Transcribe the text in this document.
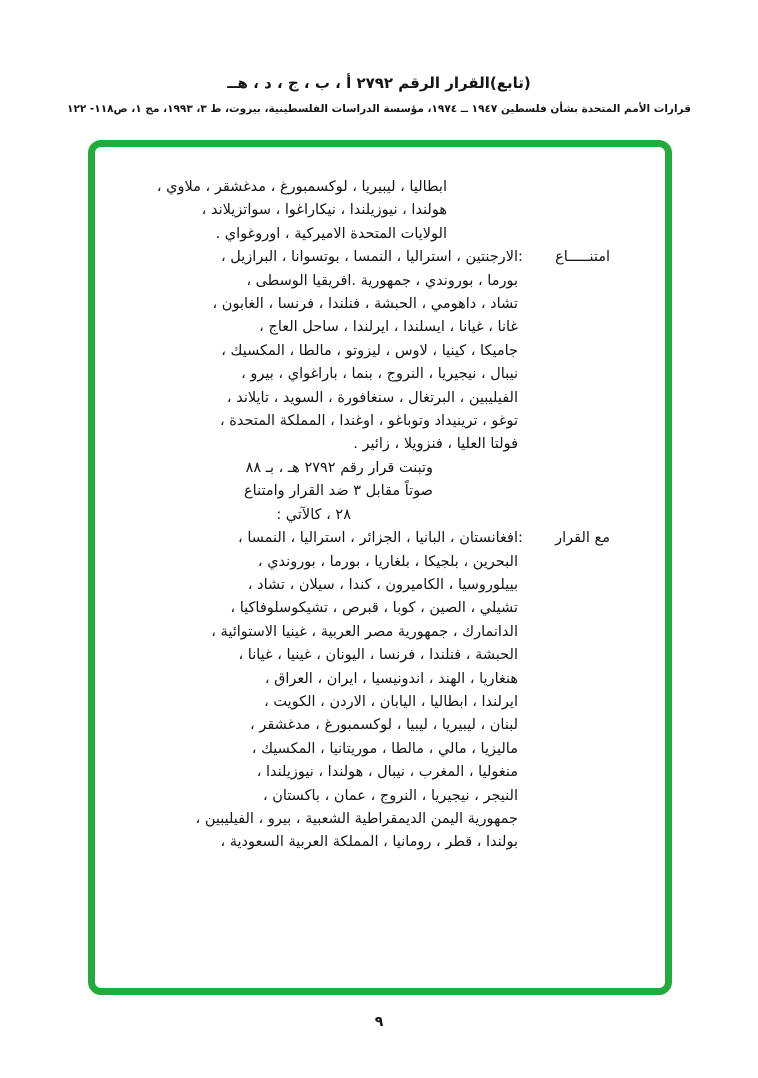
(تابع)القرار الرقم ٢٧٩٢ أ ، ب ، ج ، د ، هــ
قرارات الأمم المتحدة بشأن فلسطين ١٩٤٧ ــ ١٩٧٤، مؤسسة الدراسات الفلسطينية، بيروت، ط ٣، ١٩٩٣، مج ١، ص١١٨- ١٢٢
ابطاليا ، ليبيريا ، لوكسمبورغ ، مدغشقر ، ملاوي ،
هولندا ، نيوزيلندا ، نيكاراغوا ، سواتزيلاند ،
الولايات المتحدة الاميركية ، اوروغواي .
امتنـــــاع
:
الارجنتين ، استراليا ، النمسا ، بوتسوانا ، البرازيل ،
بورما ، بوروندي ، جمهورية .افريقيا الوسطى ،
تشاد ، داهومي ، الحبشة ، فنلندا ، فرنسا ، الغابون ،
غانا ، غيانا ، ايسلندا ، ايرلندا ، ساحل العاج ،
جاميكا ، كينيا ، لاوس ، ليزوتو ، مالطا ، المكسيك ،
نيبال ، نيجيريا ، النروج ، بنما ، باراغواي ، بيرو ،
الفيليبين ، البرتغال ، سنغافورة ، السويد ، تايلاند ،
توغو ، ترينيداد وتوباغو ، اوغندا ، المملكة المتحدة ،
فولتا العليا ، فنزويلا ، زائير .
وتبنت قرار رقم ٢٧٩٢ هـ ، بـ ٨٨
صوتاً مقابل ٣ ضد القرار وامتناع
٢٨ ، كالآتي :
مع القرار
:
افغانستان ، البانيا ، الجزائر ، استراليا ، النمسا ،
البحرين ، بلجيكا ، بلغاريا ، بورما ، بوروندي ،
بييلوروسيا ، الكاميرون ، كندا ، سيلان ، تشاد ،
تشيلي ، الصين ، كوبا ، قبرص ، تشيكوسلوفاكيا ،
الدانمارك ، جمهورية مصر العربية ، غينيا الاستوائية ،
الحبشة ، فنلندا ، فرنسا ، اليونان ، غينيا ، غيانا ،
هنغاريا ، الهند ، اندونيسيا ، ايران ، العراق ،
ايرلندا ، ابطاليا ، اليابان ، الاردن ، الكويت ،
لبنان ، ليبيريا ، ليبيا ، لوكسمبورغ ، مدغشقر ،
ماليزيا ، مالي ، مالطا ، موريتانيا ، المكسيك ،
منغوليا ، المغرب ، نيبال ، هولندا ، نيوزيلندا ،
النيجر ، نيجيريا ، النروج ، عمان ، باكستان ،
جمهورية اليمن الديمقراطية الشعبية ، بيرو ، الفيليبين ،
بولندا ، قطر ، رومانيا ، المملكة العربية السعودية ،
٩
